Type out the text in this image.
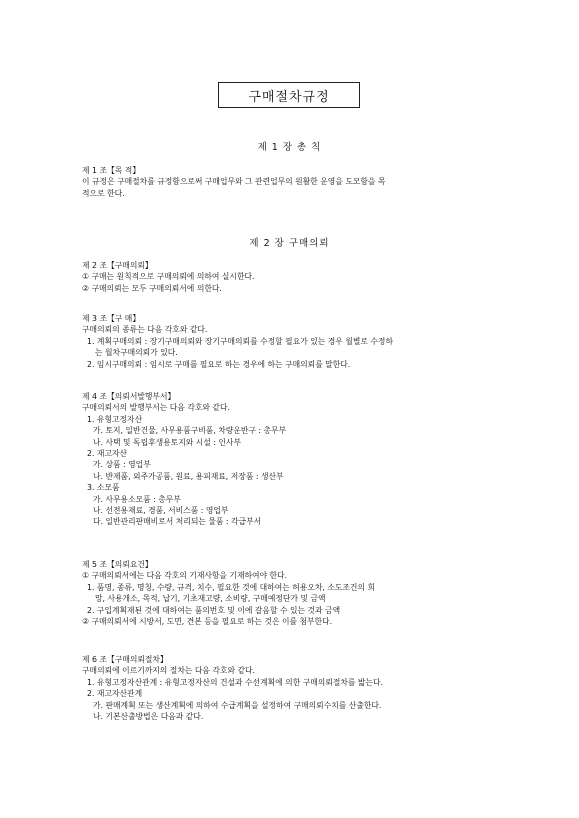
구매절차규정
제 1 장 총 칙
제 1 조【목 적】
이 규정은 구매절차를 규정함으로써 구매업무와 그 관련업무의 원활한 운영을 도모함을 목
적으로 한다.
제 2 장 구매의뢰
제 2 조【구매의뢰】
① 구매는 원칙적으로 구매의뢰에 의하여 실시한다.
② 구매의뢰는 모두 구매의뢰서에 의한다.
제 3 조【구 매】
구매의뢰의 종류는 다음 각호와 같다.
1. 계획구매의뢰 : 장기구매의뢰와 장기구매의뢰를 수정할 필요가 있는 경우 월별로 수정하
는 월차구매의뢰가 있다.
2. 임시구매의뢰 : 임시로 구매를 필요로 하는 경우에 하는 구매의뢰를 말한다.
제 4 조【의뢰서발행부서】
구매의뢰서의 발행부서는 다음 각호와 같다.
1. 유형고정자산
가. 토지, 일반건물, 사무용품구비품, 차량운반구 : 총무부
나. 사택 및 독립후생용토지와 시설 : 인사부
2. 재고자산
가. 상품 : 영업부
나. 반제품, 외주가공품, 원료, 용피재료, 저장품 : 생산부
3. 소모품
가. 사무용소모품 : 총무부
나. 선전용재료, 경품, 서비스품 : 영업부
다. 일반관리판매비로서 처리되는 물품 : 각급부서
제 5 조【의뢰요건】
① 구매의뢰서에는 다음 각호의 기재사항을 기재하여야 한다.
1. 품명, 종류, 명칭, 수량, 규격, 치수, 필요한 것에 대하여는 허용오차, 소도조건의 희
망, 사용개소, 목적, 납기, 기초재고량, 소비량, 구매예정단가 및 금액
2. 구입계획재된 것에 대하여는 품의번호 및 이에 갈음할 수 있는 것과 금액
② 구매의뢰서에 시방서, 도면, 견본 등을 필요로 하는 것은 이를 첨부한다.
제 6 조【구매의뢰절차】
구매의뢰에 이르기까지의 절차는 다음 각호와 같다.
1. 유형고정자산관계 : 유형고정자산의 건설과 수선계획에 의한 구매의뢰절차를 밟는다.
2. 재고자산관계
가. 판매계획 또는 생산계획에 의하여 수급계획을 설정하여 구매의뢰수치를 산출한다.
나. 기본산출방법은 다음과 같다.
